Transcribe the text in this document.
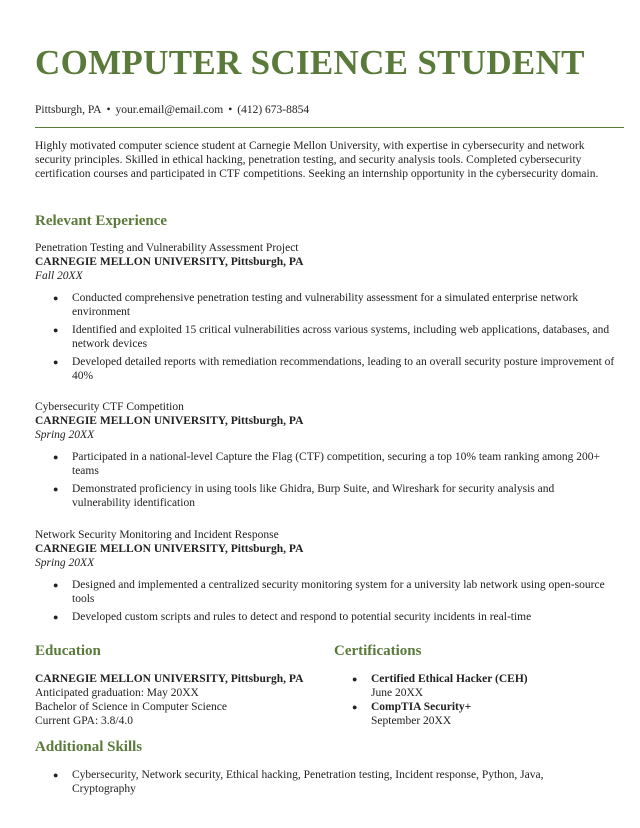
COMPUTER SCIENCE STUDENT
Pittsburgh, PA • your.email@email.com • (412) 673-8854

Highly motivated computer science student at Carnegie Mellon University, with expertise in cybersecurity and network security principles. Skilled in ethical hacking, penetration testing, and security analysis tools. Completed cybersecurity certification courses and participated in CTF competitions. Seeking an internship opportunity in the cybersecurity domain.

Relevant Experience

Penetration Testing and Vulnerability Assessment Project

CARNEGIE MELLON UNIVERSITY, Pittsburgh, PA

Fall 20XX

● Conducted comprehensive penetration testing and vulnerability assessment for a simulated enterprise network environment
● Identified and exploited 15 critical vulnerabilities across various systems, including web applications, databases, and network devices
● Developed detailed reports with remediation recommendations, leading to an overall security posture improvement of 40%

Cybersecurity CTF Competition

CARNEGIE MELLON UNIVERSITY, Pittsburgh, PA

Spring 20XX

● Participated in a national-level Capture the Flag (CTF) competition, securing a top 10% team ranking among 200+ teams
● Demonstrated proficiency in using tools like Ghidra, Burp Suite, and Wireshark for security analysis and vulnerability identification

Network Security Monitoring and Incident Response

CARNEGIE MELLON UNIVERSITY, Pittsburgh, PA

Spring 20XX

● Designed and implemented a centralized security monitoring system for a university lab network using open-source tools
● Developed custom scripts and rules to detect and respond to potential security incidents in real-time
Education	Certifications

CARNEGIE MELLON UNIVERSITY, Pittsburgh, PA

Anticipated graduation: May 20XX

Bachelor of Science in Computer Science

Current GPA: 3.8/4.0

● Certified Ethical Hacker (CEH)

June 20XX

● CompTIA Security+

September 20XX

Additional Skills
● Cybersecurity, Network security, Ethical hacking, Penetration testing, Incident response, Python, Java, Cryptography
